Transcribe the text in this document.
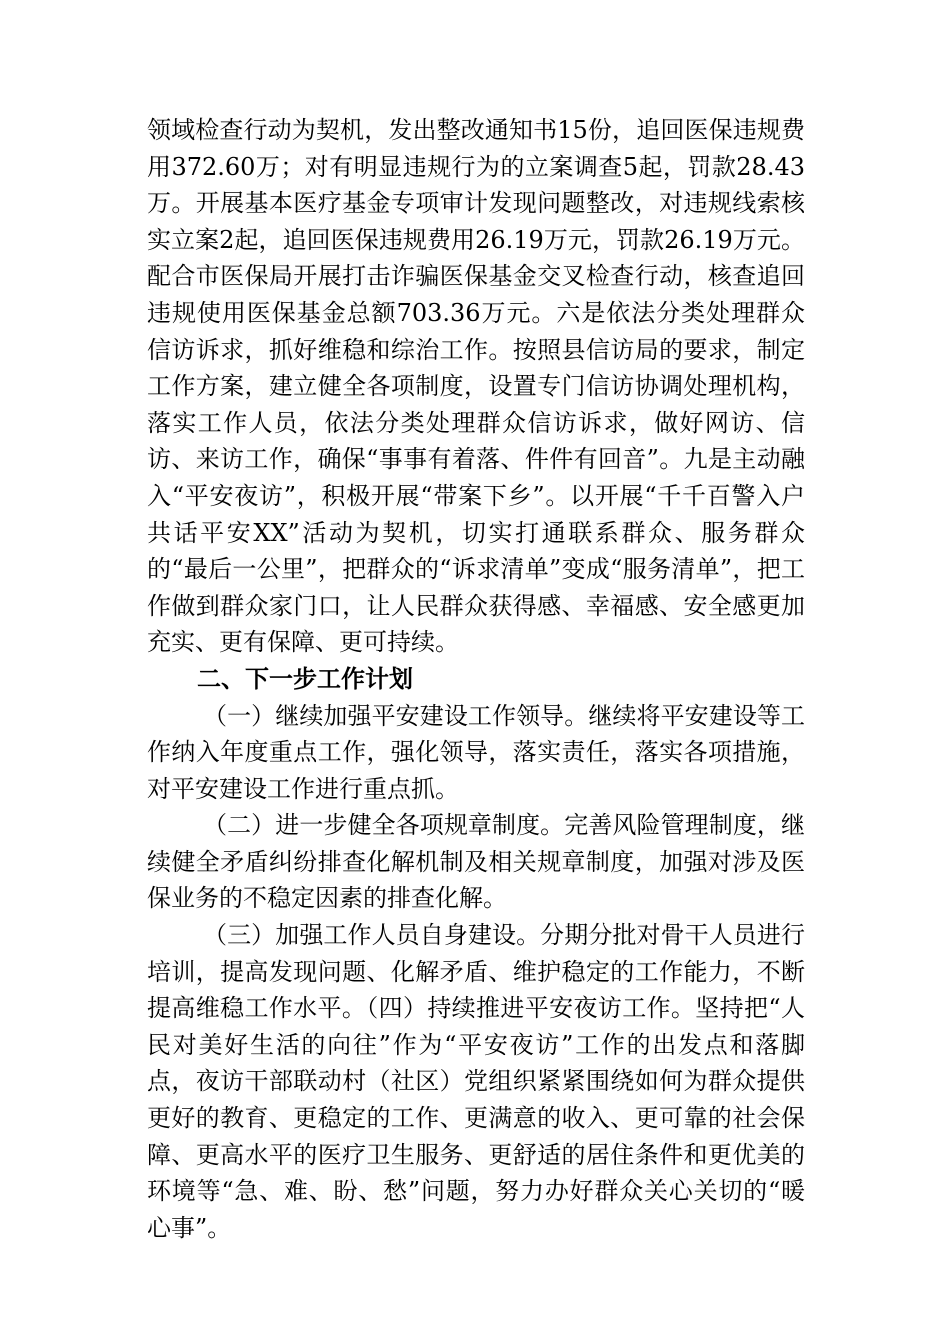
领域检查行动为契机，发出整改通知书15份，追回医保违规费用372.60万；对有明显违规行为的立案调查5起，罚款28.43万。开展基本医疗基金专项审计发现问题整改，对违规线索核实立案2起，追回医保违规费用26.19万元，罚款26.19万元。配合市医保局开展打击诈骗医保基金交叉检查行动，核查追回违规使用医保基金总额703.36万元。六是依法分类处理群众信访诉求，抓好维稳和综治工作。按照县信访局的要求，制定工作方案，建立健全各项制度，设置专门信访协调处理机构，落实工作人员，依法分类处理群众信访诉求，做好网访、信访、来访工作，确保“事事有着落、件件有回音”。九是主动融入“平安夜访”，积极开展“带案下乡”。以开展“千千百警入户共话平安XX”活动为契机，切实打通联系群众、服务群众的“最后一公里”，把群众的“诉求清单”变成“服务清单”，把工作做到群众家门口，让人民群众获得感、幸福感、安全感更加充实、更有保障、更可持续。

二、下一步工作计划

（一）继续加强平安建设工作领导。继续将平安建设等工作纳入年度重点工作，强化领导，落实责任，落实各项措施，对平安建设工作进行重点抓。

（二）进一步健全各项规章制度。完善风险管理制度，继续健全矛盾纠纷排查化解机制及相关规章制度，加强对涉及医保业务的不稳定因素的排查化解。

（三）加强工作人员自身建设。分期分批对骨干人员进行培训，提高发现问题、化解矛盾、维护稳定的工作能力，不断提高维稳工作水平。（四）持续推进平安夜访工作。坚持把“人民对美好生活的向往”作为“平安夜访”工作的出发点和落脚点，夜访干部联动村（社区）党组织紧紧围绕如何为群众提供更好的教育、更稳定的工作、更满意的收入、更可靠的社会保障、更高水平的医疗卫生服务、更舒适的居住条件和更优美的环境等“急、难、盼、愁”问题，努力办好群众关心关切的“暖心事”。
